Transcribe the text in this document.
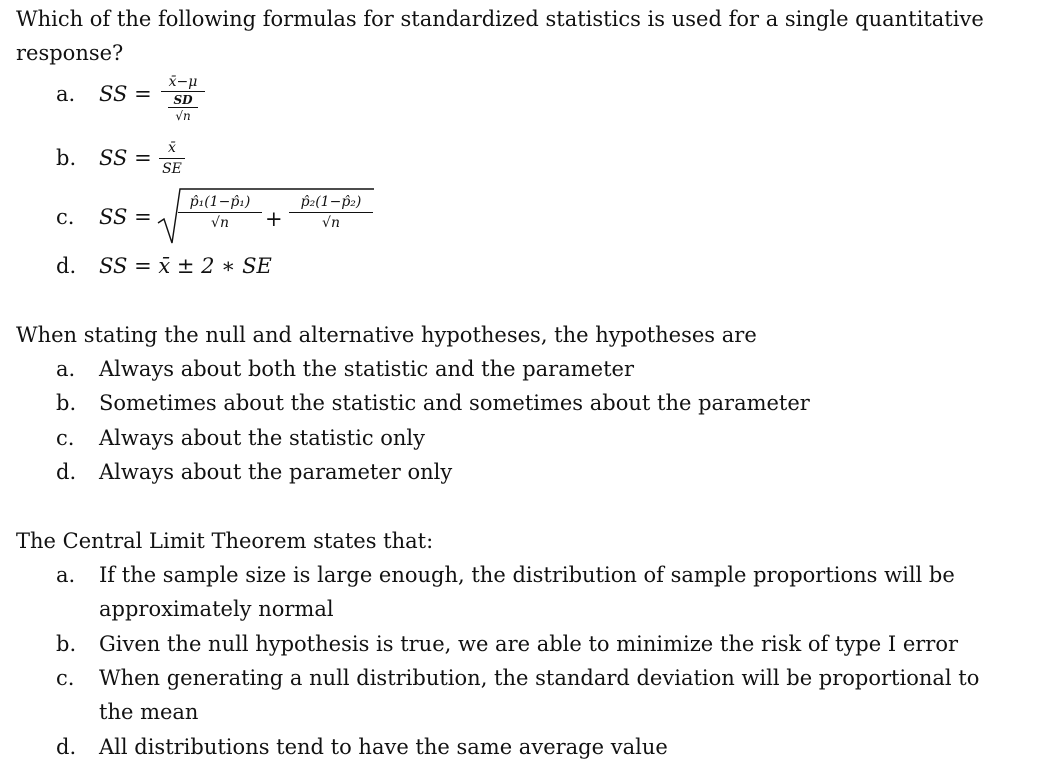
Which of the following formulas for standardized statistics is used for a single quantitative
response?
a.	SS =	x̄−μ
SD
√n
b.	SS = $\frac{x̄}{SE}$
c.	SS = $\frac{\text{p̂₁(1−p̂₁)}}{√n} + \frac{\text{p̂₂(1−p̂₂)}}{√n}$
d.	SS = x̄ ± 2 ∗ SE
When stating the null and alternative hypotheses, the hypotheses are
a.	Always about both the statistic and the parameter
b.	Sometimes about the statistic and sometimes about the parameter
c.	Always about the statistic only
d.	Always about the parameter only
The Central Limit Theorem states that:
a.	If the sample size is large enough, the distribution of sample proportions will be
approximately normal
b.	Given the null hypothesis is true, we are able to minimize the risk of type I error
c.	When generating a null distribution, the standard deviation will be proportional to
the mean
d.	All distributions tend to have the same average value
